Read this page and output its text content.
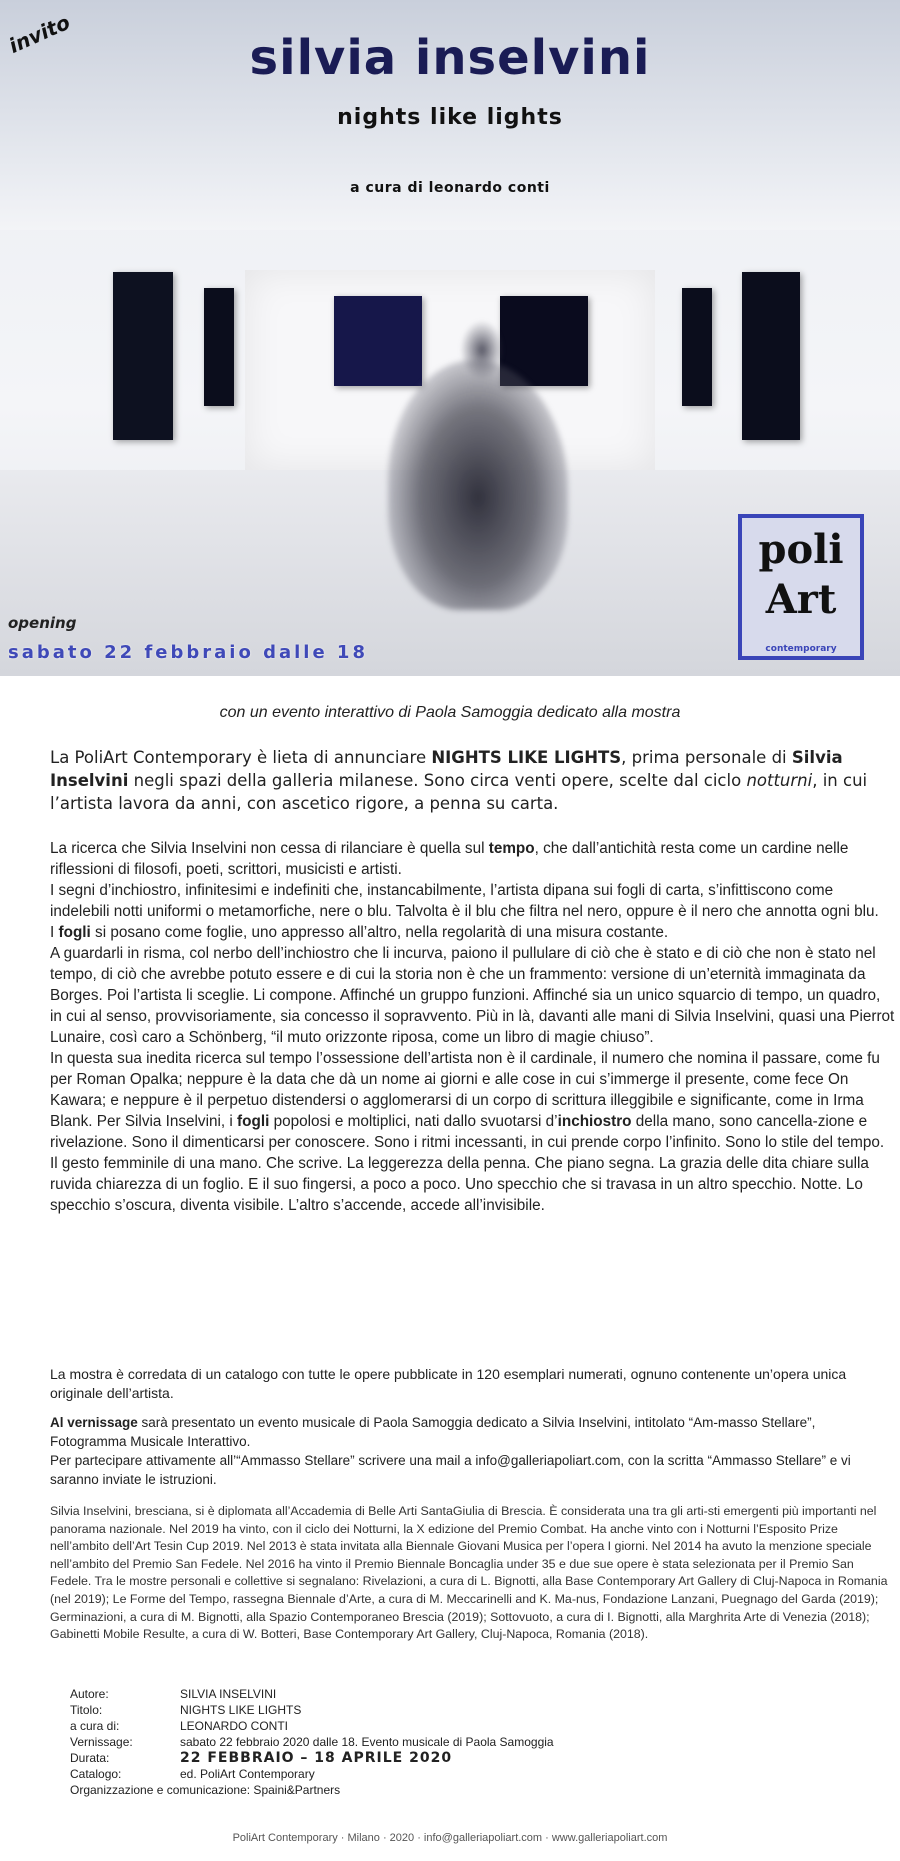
invito	silvia inselvini
nights like lights
a cura di leonardo conti
opening
sabato 22 febbraio dalle 18
poli
Art
contemporary
con un evento interattivo di Paola Samoggia dedicato alla mostra
La PoliArt Contemporary è lieta di annunciare NIGHTS LIKE LIGHTS, prima personale di Silvia Inselvini negli spazi della galleria milanese. Sono circa venti opere, scelte dal ciclo notturni, in cui l’artista lavora da anni, con ascetico rigore, a penna su carta.

La ricerca che Silvia Inselvini non cessa di rilanciare è quella sul tempo, che dall’antichità resta come un cardine nelle riflessioni di filosofi, poeti, scrittori, musicisti e artisti.

I segni d’inchiostro, infinitesimi e indefiniti che, instancabilmente, l’artista dipana sui fogli di carta, s’infittiscono come indelebili notti uniformi o metamorfiche, nere o blu. Talvolta è il blu che filtra nel nero, oppure è il nero che annotta ogni blu.

I fogli si posano come foglie, uno appresso all’altro, nella regolarità di una misura costante.

A guardarli in risma, col nerbo dell’inchiostro che li incurva, paiono il pullulare di ciò che è stato e di ciò che non è stato nel tempo, di ciò che avrebbe potuto essere e di cui la storia non è che un frammento: versione di un’eternità immaginata da Borges. Poi l’artista li sceglie. Li compone. Affinché un gruppo funzioni. Affinché sia un unico squarcio di tempo, un quadro, in cui al senso, provvisoriamente, sia concesso il sopravvento. Più in là, davanti alle mani di Silvia Inselvini, quasi una Pierrot Lunaire, così caro a Schönberg, “il muto orizzonte riposa, come un libro di magie chiuso”.

In questa sua inedita ricerca sul tempo l’ossessione dell’artista non è il cardinale, il numero che nomina il passare, come fu per Roman Opalka; neppure è la data che dà un nome ai giorni e alle cose in cui s’immerge il presente, come fece On Kawara; e neppure è il perpetuo distendersi o agglomerarsi di un corpo di scrittura illeggibile e significante, come in Irma Blank. Per Silvia Inselvini, i fogli popolosi e moltiplici, nati dallo svuotarsi d’inchiostro della mano, sono cancella-zione e rivelazione. Sono il dimenticarsi per conoscere. Sono i ritmi incessanti, in cui prende corpo l’infinito. Sono lo stile del tempo.

Il gesto femminile di una mano. Che scrive. La leggerezza della penna. Che piano segna. La grazia delle dita chiare sulla ruvida chiarezza di un foglio. E il suo fingersi, a poco a poco. Uno specchio che si travasa in un altro specchio. Notte. Lo specchio s’oscura, diventa visibile. L’altro s’accende, accede all’invisibile.

La mostra è corredata di un catalogo con tutte le opere pubblicate in 120 esemplari numerati, ognuno contenente un’opera unica originale dell’artista.

Al vernissage sarà presentato un evento musicale di Paola Samoggia dedicato a Silvia Inselvini, intitolato “Am-masso Stellare”, Fotogramma Musicale Interattivo.

Per partecipare attivamente all’“Ammasso Stellare” scrivere una mail a info@galleriapoliart.com, con la scritta “Ammasso Stellare” e vi saranno inviate le istruzioni.

Silvia Inselvini, bresciana, si è diplomata all’Accademia di Belle Arti SantaGiulia di Brescia. È considerata una tra gli arti-sti emergenti più importanti nel panorama nazionale. Nel 2019 ha vinto, con il ciclo dei Notturni, la X edizione del Premio Combat. Ha anche vinto con i Notturni l’Esposito Prize nell’ambito dell’Art Tesin Cup 2019. Nel 2013 è stata invitata alla Biennale Giovani Musica per l’opera I giorni. Nel 2014 ha avuto la menzione speciale nell’ambito del Premio San Fedele. Nel 2016 ha vinto il Premio Biennale Boncaglia under 35 e due sue opere è stata selezionata per il Premio San Fedele. Tra le mostre personali e collettive si segnalano: Rivelazioni, a cura di L. Bignotti, alla Base Contemporary Art Gallery di Cluj-Napoca in Romania (nel 2019); Le Forme del Tempo, rassegna Biennale d’Arte, a cura di M. Meccarinelli and K. Ma-nus, Fondazione Lanzani, Puegnago del Garda (2019); Germinazioni, a cura di M. Bignotti, alla Spazio Contemporaneo Brescia (2019); Sottovuoto, a cura di I. Bignotti, alla Marghrita Arte di Venezia (2018); Gabinetti Mobile Resulte, a cura di W. Botteri, Base Contemporary Art Gallery, Cluj-Napoca, Romania (2018).
Autore:	SILVIA INSELVINI
Titolo:	NIGHTS LIKE LIGHTS
a cura di:	LEONARDO CONTI
Vernissage:	sabato 22 febbraio 2020 dalle 18. Evento musicale di Paola Samoggia
Durata:	22 FEBBRAIO – 18 APRILE 2020
Catalogo:	ed. PoliArt Contemporary
Organizzazione e comunicazione: Spaini&Partners
PoliArt Contemporary · Milano · 2020 · info@galleriapoliart.com · www.galleriapoliart.com
